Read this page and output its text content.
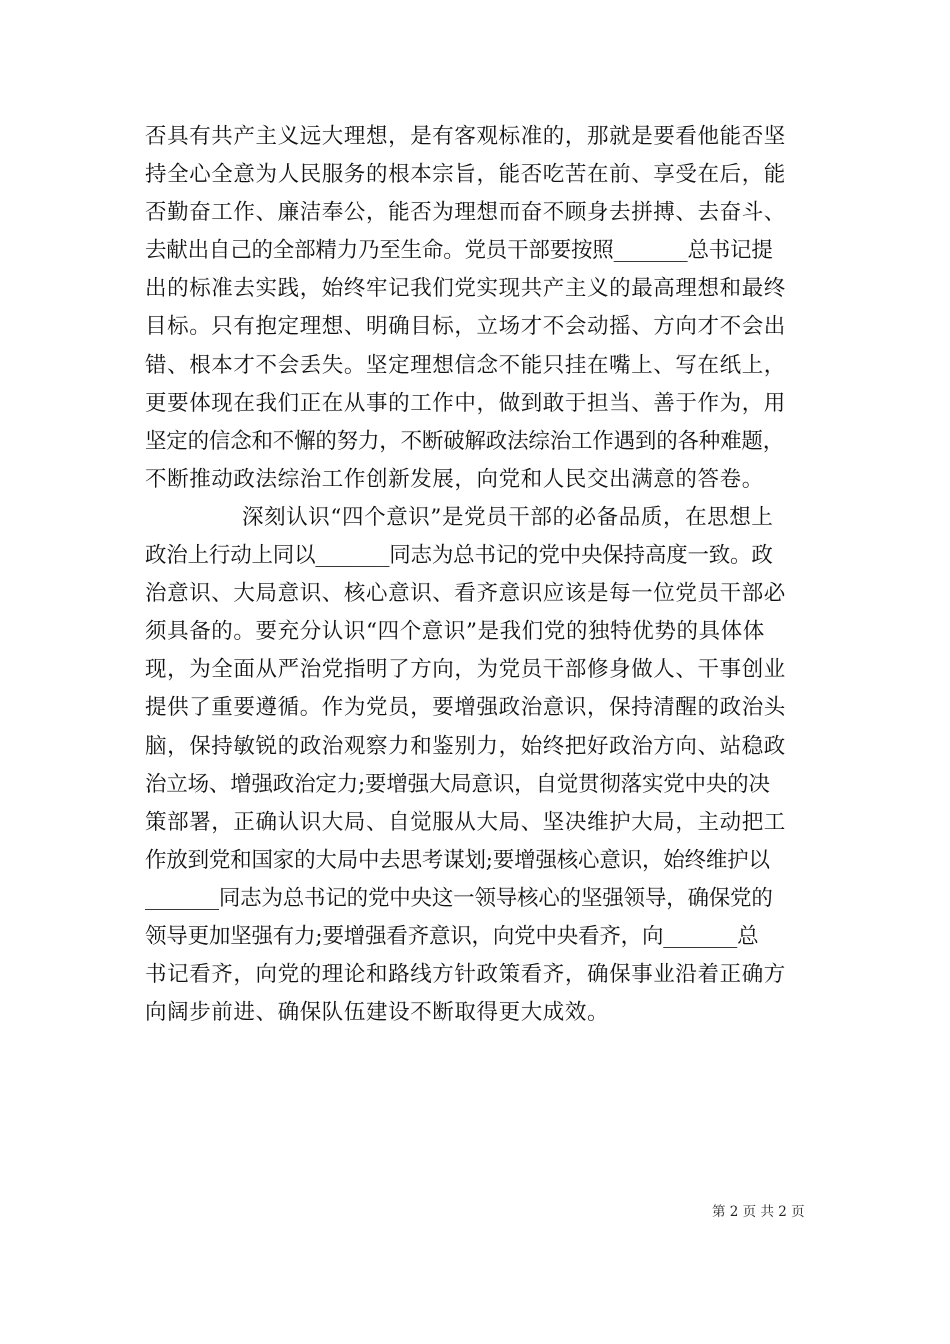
否具有共产主义远大理想，是有客观标准的，那就是要看他能否坚
持全心全意为人民服务的根本宗旨，能否吃苦在前、享受在后，能
否勤奋工作、廉洁奉公，能否为理想而奋不顾身去拼搏、去奋斗、
去献出自己的全部精力乃至生命。党员干部要按照_______总书记提
出的标准去实践，始终牢记我们党实现共产主义的最高理想和最终
目标。只有抱定理想、明确目标，立场才不会动摇、方向才不会出
错、根本才不会丢失。坚定理想信念不能只挂在嘴上、写在纸上，
更要体现在我们正在从事的工作中，做到敢于担当、善于作为，用
坚定的信念和不懈的努力，不断破解政法综治工作遇到的各种难题，
不断推动政法综治工作创新发展，向党和人民交出满意的答卷。
深刻认识“四个意识”是党员干部的必备品质，在思想上
政治上行动上同以_______同志为总书记的党中央保持高度一致。政
治意识、大局意识、核心意识、看齐意识应该是每一位党员干部必
须具备的。要充分认识“四个意识”是我们党的独特优势的具体体
现，为全面从严治党指明了方向，为党员干部修身做人、干事创业
提供了重要遵循。作为党员，要增强政治意识，保持清醒的政治头
脑，保持敏锐的政治观察力和鉴别力，始终把好政治方向、站稳政
治立场、增强政治定力;要增强大局意识，自觉贯彻落实党中央的决
策部署，正确认识大局、自觉服从大局、坚决维护大局，主动把工
作放到党和国家的大局中去思考谋划;要增强核心意识，始终维护以
_______同志为总书记的党中央这一领导核心的坚强领导，确保党的
领导更加坚强有力;要增强看齐意识，向党中央看齐，向_______总
书记看齐，向党的理论和路线方针政策看齐，确保事业沿着正确方
向阔步前进、确保队伍建设不断取得更大成效。
第 2 页 共 2 页
